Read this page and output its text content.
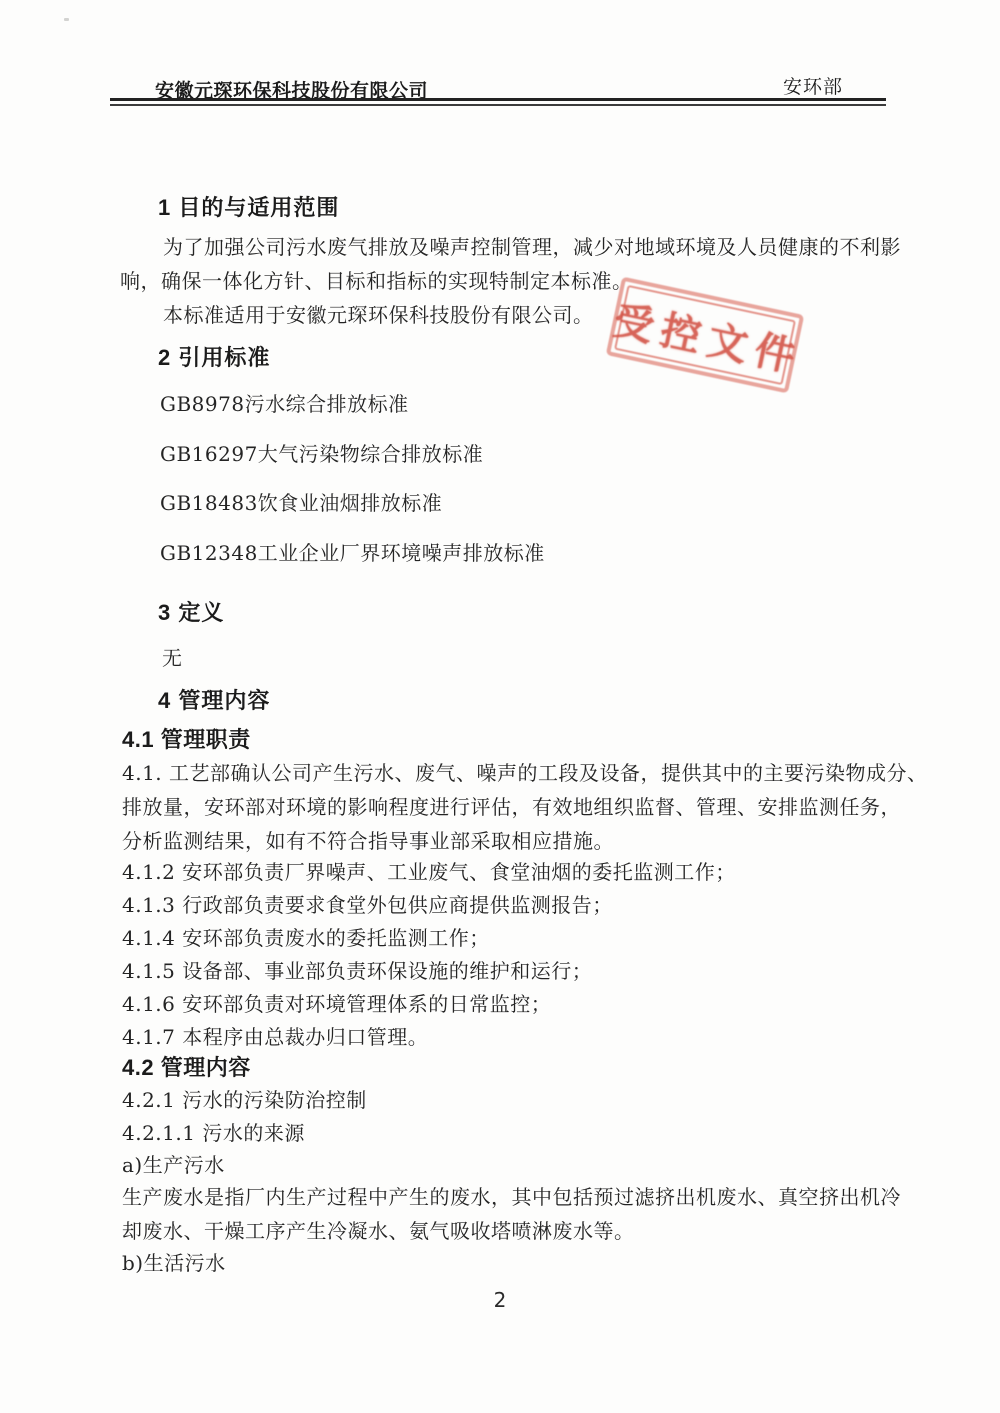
安徽元琛环保科技股份有限公司	安环部
1 目的与适用范围
为了加强公司污水废气排放及噪声控制管理，减少对地域环境及人员健康的不利影
响，确保一体化方针、目标和指标的实现特制定本标准。
本标准适用于安徽元琛环保科技股份有限公司。 受控文件
2 引用标准
GB8978污水综合排放标准
GB16297大气污染物综合排放标准
GB18483饮食业油烟排放标准
GB12348工业企业厂界环境噪声排放标准
3 定义
无
4 管理内容
4.1 管理职责
4.1. 工艺部确认公司产生污水、废气、噪声的工段及设备，提供其中的主要污染物成分、
排放量，安环部对环境的影响程度进行评估，有效地组织监督、管理、安排监测任务，
分析监测结果，如有不符合指导事业部采取相应措施。
4.1.2 安环部负责厂界噪声、工业废气、食堂油烟的委托监测工作；
4.1.3 行政部负责要求食堂外包供应商提供监测报告；
4.1.4 安环部负责废水的委托监测工作；
4.1.5 设备部、事业部负责环保设施的维护和运行；
4.1.6 安环部负责对环境管理体系的日常监控；
4.1.7 本程序由总裁办归口管理。
4.2 管理内容
4.2.1 污水的污染防治控制
4.2.1.1 污水的来源
a)生产污水
生产废水是指厂内生产过程中产生的废水，其中包括预过滤挤出机废水、真空挤出机冷
却废水、干燥工序产生冷凝水、氨气吸收塔喷淋废水等。
b)生活污水
2
